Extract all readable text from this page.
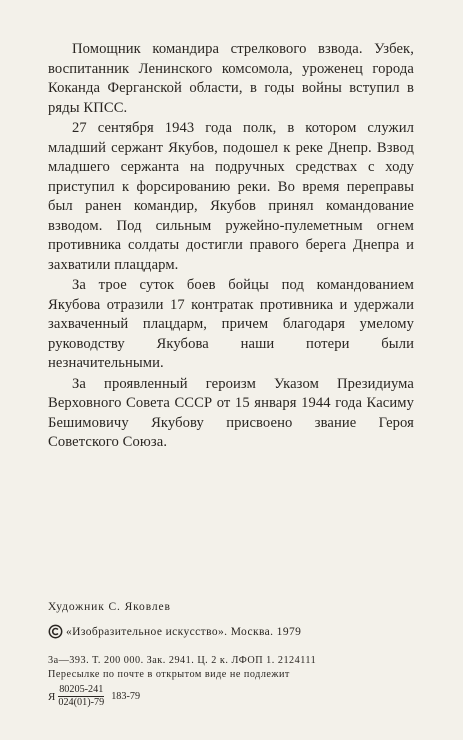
Помощник командира стрелкового взвода. Узбек, воспитанник Ленинского комсомола, уроженец города Коканда Ферганской области, в годы войны вступил в ряды КПСС.

27 сентября 1943 года полк, в котором служил младший сержант Якубов, подошел к реке Днепр. Взвод младшего сержанта на подручных средствах с ходу приступил к форсированию реки. Во время переправы был ранен командир, Якубов принял командование взводом. Под сильным ружейно-пулеметным огнем противника солдаты достигли правого берега Днепра и захватили плацдарм.

За трое суток боев бойцы под командованием Якубова отразили 17 контратак противника и удержали захваченный плацдарм, причем благодаря умелому руководству Якубова наши потери были незначительными.

За проявленный героизм Указом Президиума Верховного Совета СССР от 15 января 1944 года Касиму Бешимовичу Якубову присвоено звание Героя Советского Союза.

Художник С. Яковлев

«Изобразительное искусство». Москва. 1979

3а—393. Т. 200 000. Зак. 2941. Ц. 2 к. ЛФОП 1. 2124111

Пересылке по почте в открытом виде не подлежит

Я $\frac{80205-241}{024(01)-79} 183-79$
